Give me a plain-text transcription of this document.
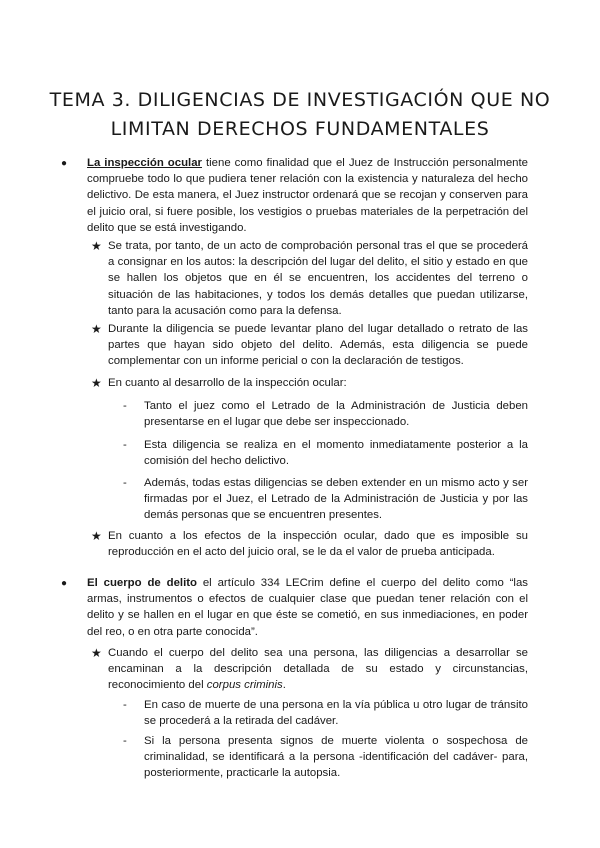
TEMA 3. DILIGENCIAS DE INVESTIGACIÓN QUE NO LIMITAN DERECHOS FUNDAMENTALES
● La inspección ocular tiene como finalidad que el Juez de Instrucción personalmente compruebe todo lo que pudiera tener relación con la existencia y naturaleza del hecho delictivo. De esta manera, el Juez instructor ordenará que se recojan y conserven para el juicio oral, si fuere posible, los vestigios o pruebas materiales de la perpetración del delito que se está investigando.
★ Se trata, por tanto, de un acto de comprobación personal tras el que se procederá a consignar en los autos: la descripción del lugar del delito, el sitio y estado en que se hallen los objetos que en él se encuentren, los accidentes del terreno o situación de las habitaciones, y todos los demás detalles que puedan utilizarse, tanto para la acusación como para la defensa.
★ Durante la diligencia se puede levantar plano del lugar detallado o retrato de las partes que hayan sido objeto del delito. Además, esta diligencia se puede complementar con un informe pericial o con la declaración de testigos.
★ En cuanto al desarrollo de la inspección ocular:
- Tanto el juez como el Letrado de la Administración de Justicia deben presentarse en el lugar que debe ser inspeccionado.
- Esta diligencia se realiza en el momento inmediatamente posterior a la comisión del hecho delictivo.
- Además, todas estas diligencias se deben extender en un mismo acto y ser firmadas por el Juez, el Letrado de la Administración de Justicia y por las demás personas que se encuentren presentes.
★ En cuanto a los efectos de la inspección ocular, dado que es imposible su reproducción en el acto del juicio oral, se le da el valor de prueba anticipada.
● El cuerpo de delito el artículo 334 LECrim define el cuerpo del delito como “las armas, instrumentos o efectos de cualquier clase que puedan tener relación con el delito y se hallen en el lugar en que éste se cometió, en sus inmediaciones, en poder del reo, o en otra parte conocida”.
★ Cuando el cuerpo del delito sea una persona, las diligencias a desarrollar se encaminan a la descripción detallada de su estado y circunstancias, reconocimiento del corpus criminis.
- En caso de muerte de una persona en la vía pública u otro lugar de tránsito se procederá a la retirada del cadáver.
- Si la persona presenta signos de muerte violenta o sospechosa de criminalidad, se identificará a la persona -identificación del cadáver- para, posteriormente, practicarle la autopsia.
